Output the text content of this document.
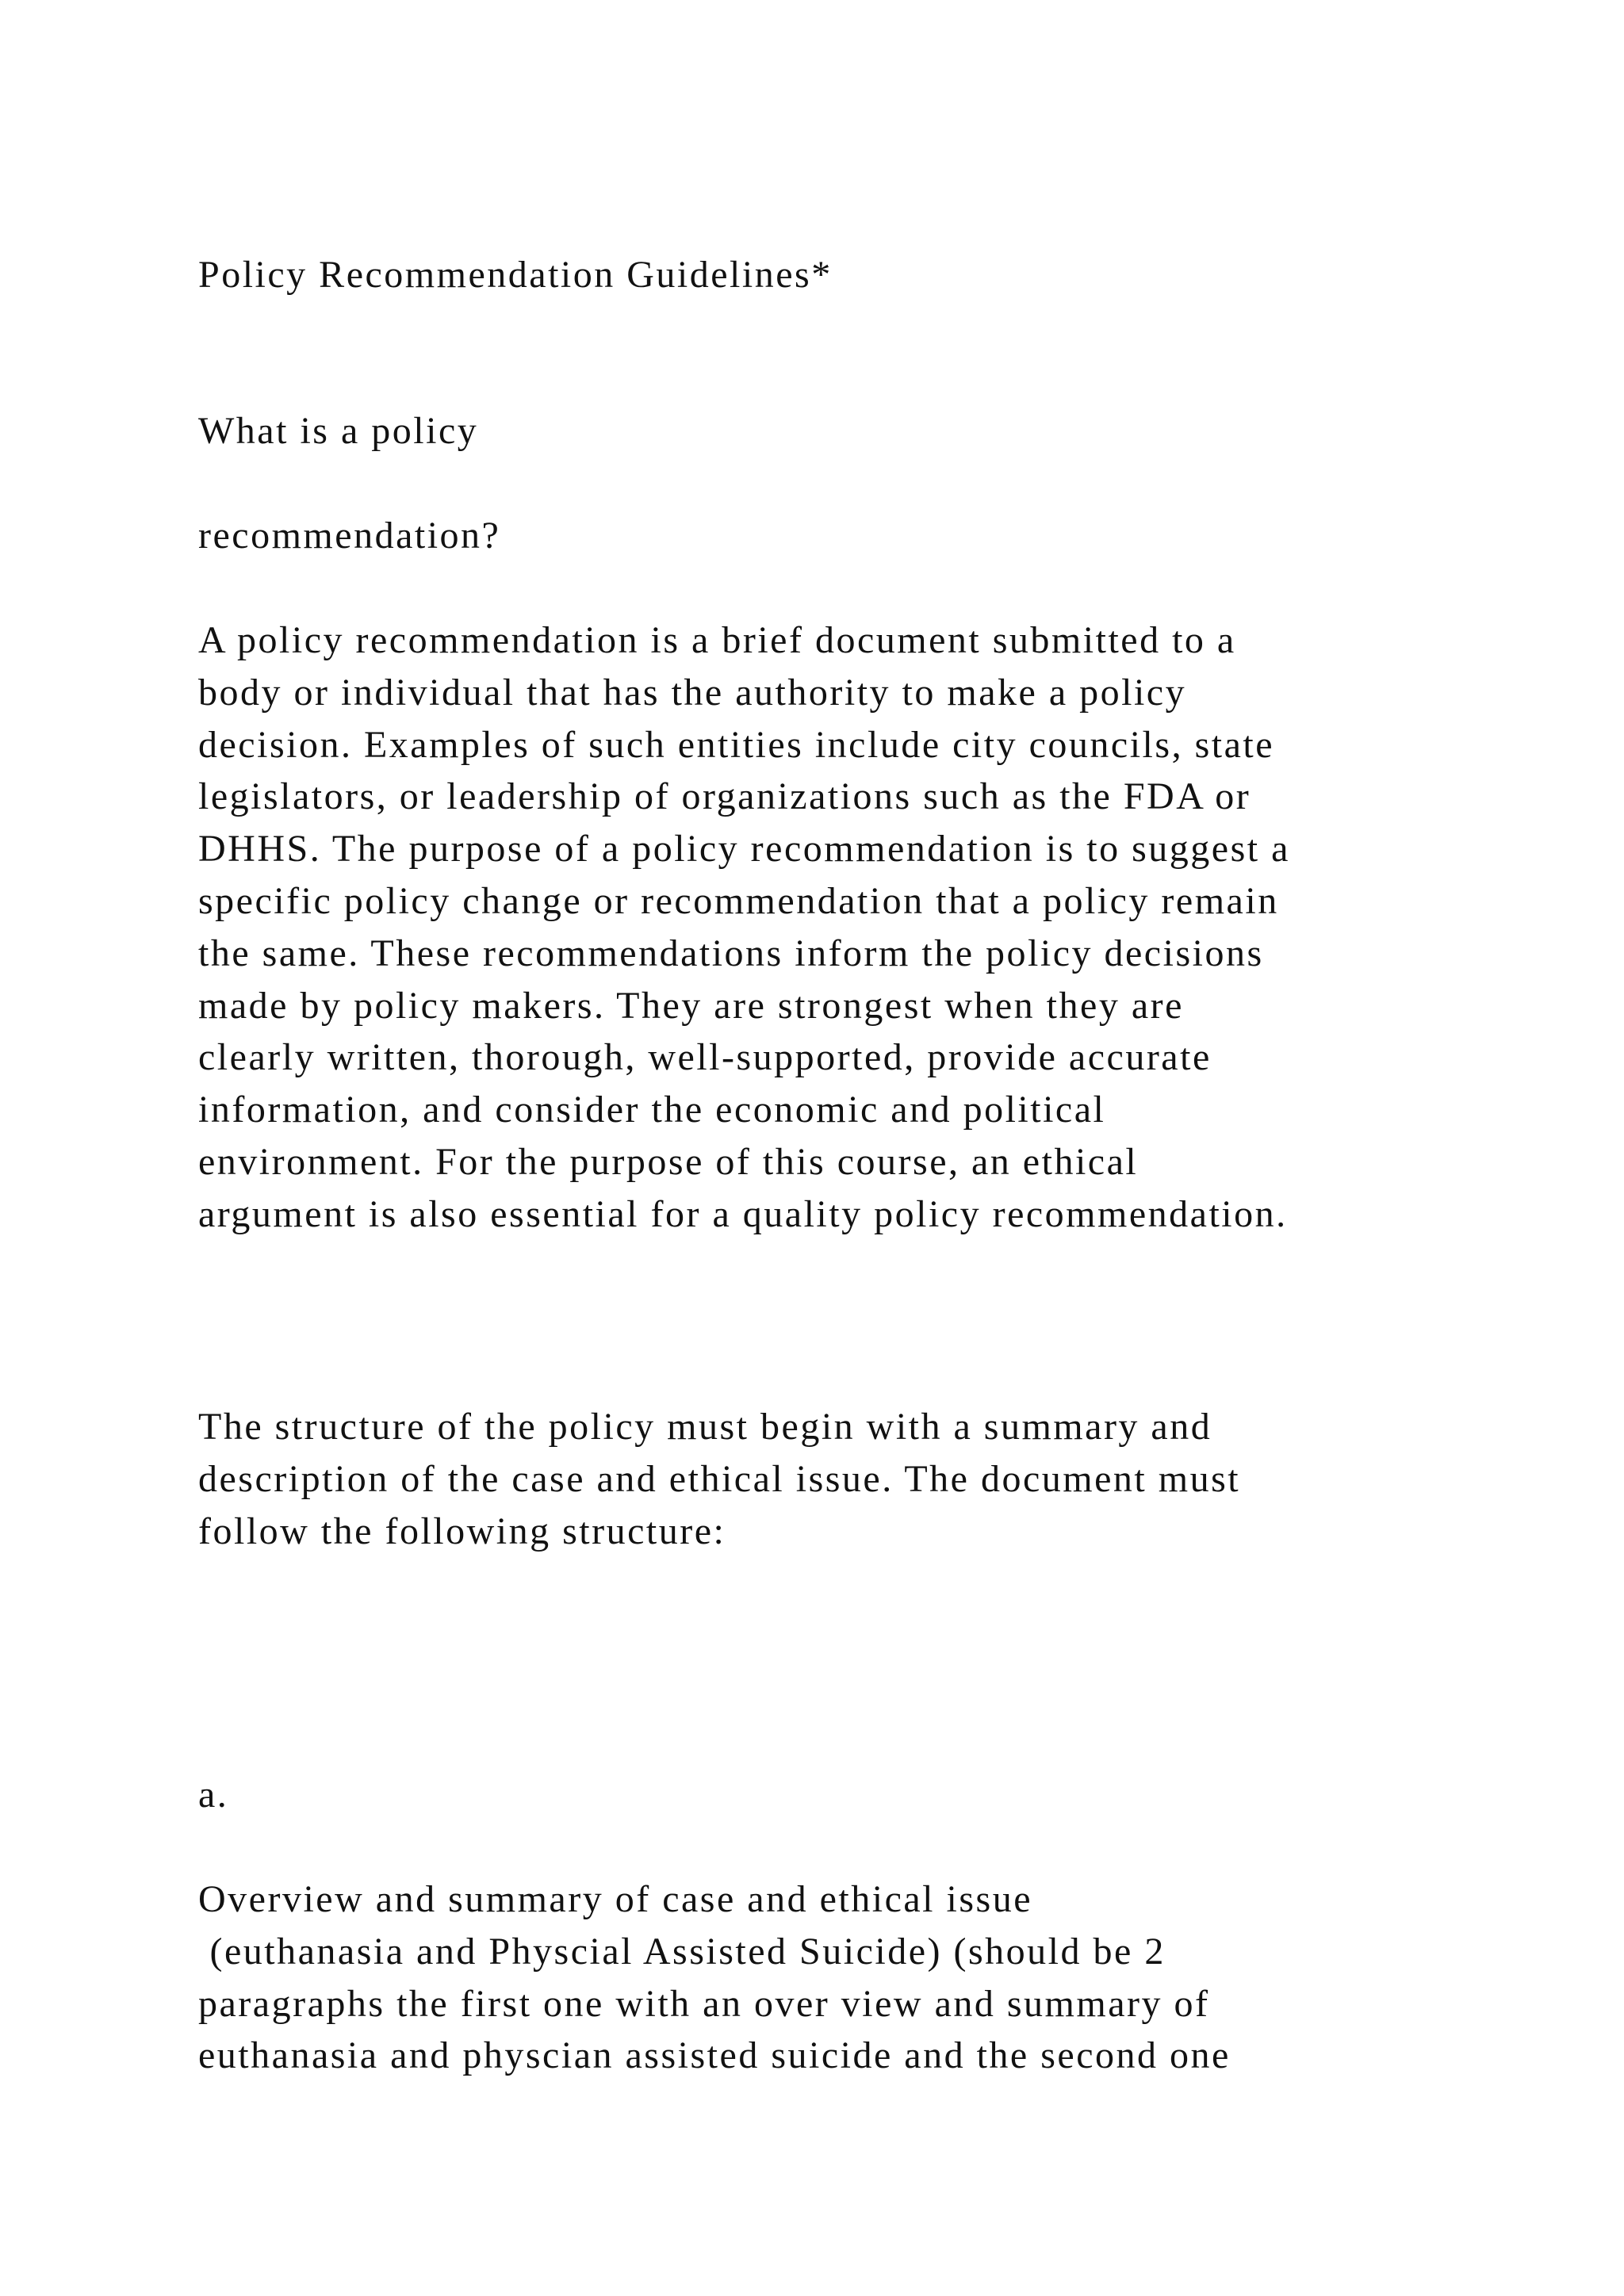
Policy Recommendation Guidelines*
What is a policy
recommendation?
A policy recommendation is a brief document submitted to a
body or individual that has the authority to make a policy
decision. Examples of such entities include city councils, state
legislators, or leadership of organizations such as the FDA or
DHHS. The purpose of a policy recommendation is to suggest a
specific policy change or recommendation that a policy remain
the same. These recommendations inform the policy decisions
made by policy makers. They are strongest when they are
clearly written, thorough, well-supported, provide accurate
information, and consider the economic and political
environment. For the purpose of this course, an ethical
argument is also essential for a quality policy recommendation.
The structure of the policy must begin with a summary and
description of the case and ethical issue. The document must
follow the following structure:
a.
Overview and summary of case and ethical issue
(euthanasia and Physcial Assisted Suicide) (should be 2
paragraphs the first one with an over view and summary of
euthanasia and physcian assisted suicide and the second one
